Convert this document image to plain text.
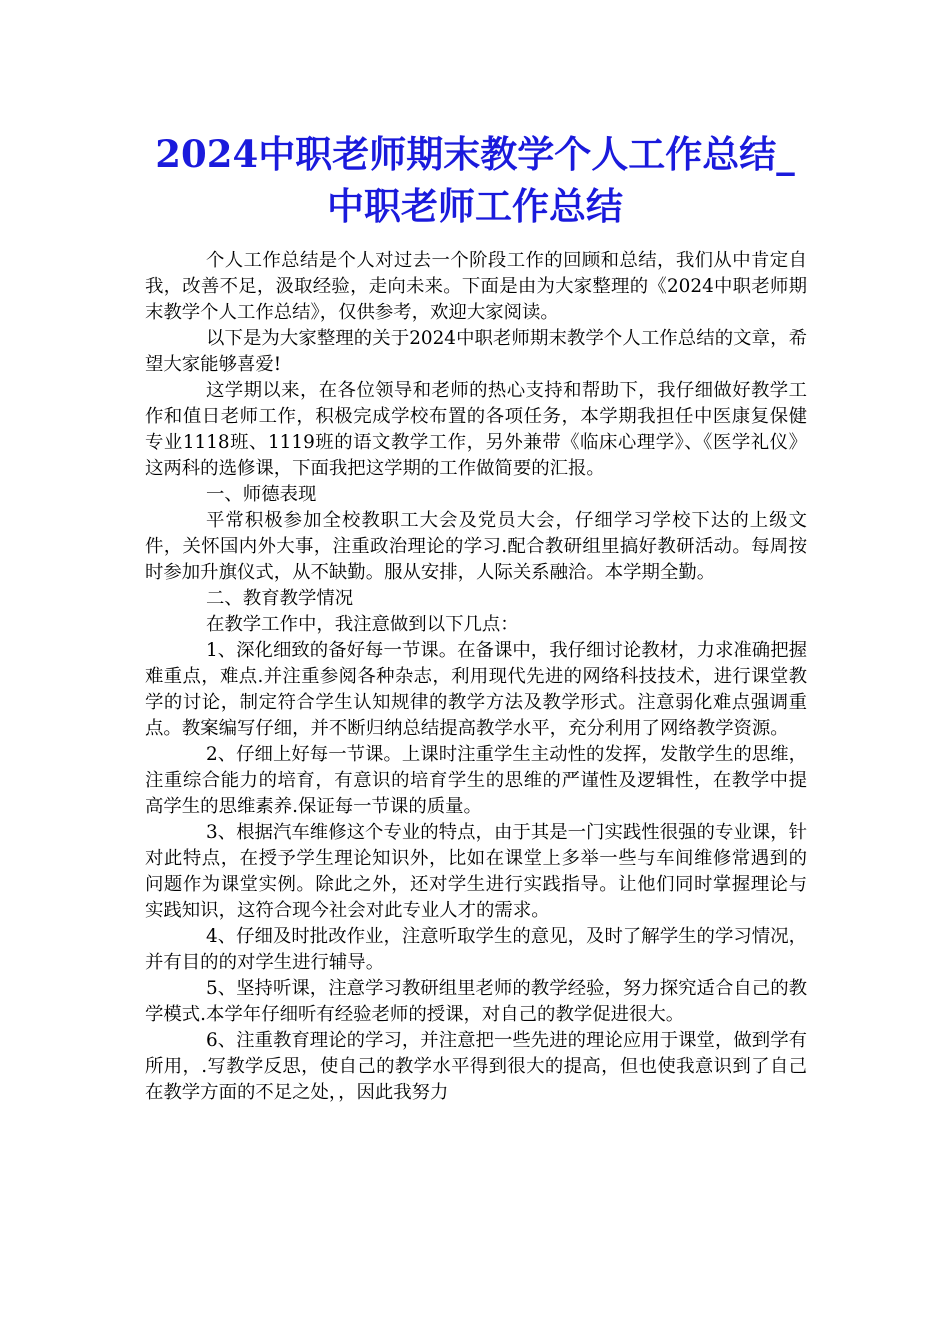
2024中职老师期末教学个人工作总结_中职老师工作总结

个人工作总结是个人对过去一个阶段工作的回顾和总结，我们从中肯定自我，改善不足，汲取经验，走向未来。下面是由为大家整理的《2024中职老师期末教学个人工作总结》，仅供参考，欢迎大家阅读。

以下是为大家整理的关于2024中职老师期末教学个人工作总结的文章，希望大家能够喜爱!

这学期以来，在各位领导和老师的热心支持和帮助下，我仔细做好教学工作和值日老师工作，积极完成学校布置的各项任务，本学期我担任中医康复保健专业1118班、1119班的语文教学工作，另外兼带《临床心理学》、《医学礼仪》这两科的选修课，下面我把这学期的工作做简要的汇报。

一、师德表现

平常积极参加全校教职工大会及党员大会，仔细学习学校下达的上级文件，关怀国内外大事，注重政治理论的学习.配合教研组里搞好教研活动。每周按时参加升旗仪式，从不缺勤。服从安排，人际关系融洽。本学期全勤。

二、教育教学情况

在教学工作中，我注意做到以下几点：

1、深化细致的备好每一节课。在备课中，我仔细讨论教材，力求准确把握难重点，难点.并注重参阅各种杂志，利用现代先进的网络科技技术，进行课堂教学的讨论，制定符合学生认知规律的教学方法及教学形式。注意弱化难点强调重点。教案编写仔细，并不断归纳总结提高教学水平，充分利用了网络教学资源。

2、仔细上好每一节课。上课时注重学生主动性的发挥，发散学生的思维，注重综合能力的培育，有意识的培育学生的思维的严谨性及逻辑性，在教学中提高学生的思维素养.保证每一节课的质量。

3、根据汽车维修这个专业的特点，由于其是一门实践性很强的专业课，针对此特点，在授予学生理论知识外，比如在课堂上多举一些与车间维修常遇到的问题作为课堂实例。除此之外，还对学生进行实践指导。让他们同时掌握理论与实践知识，这符合现今社会对此专业人才的需求。

4、仔细及时批改作业，注意听取学生的意见，及时了解学生的学习情况，并有目的的对学生进行辅导。

5、坚持听课，注意学习教研组里老师的教学经验，努力探究适合自己的教学模式.本学年仔细听有经验老师的授课，对自己的教学促进很大。

6、注重教育理论的学习，并注意把一些先进的理论应用于课堂，做到学有所用，.写教学反思，使自己的教学水平得到很大的提高，但也使我意识到了自己在教学方面的不足之处，，因此我努力
